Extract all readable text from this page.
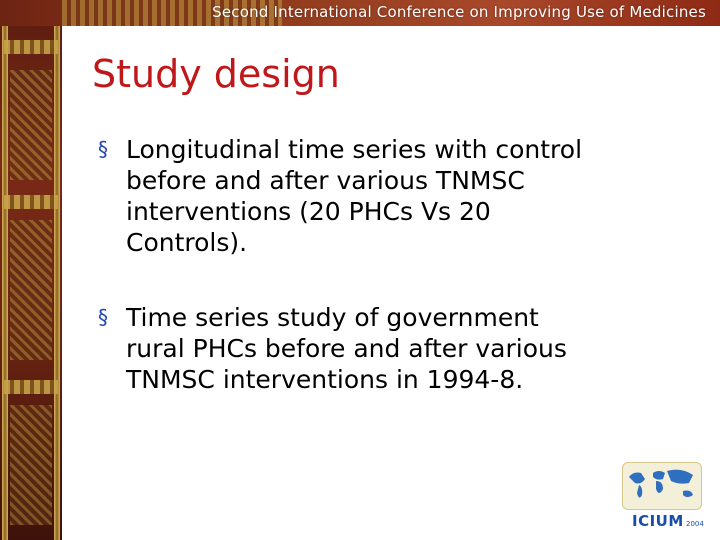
Second International Conference on Improving Use of Medicines
Study design
§ Longitudinal time series with control
before and after various TNMSC
interventions (20 PHCs Vs 20
Controls).
§ Time series study of government
rural PHCs before and after various
TNMSC interventions in 1994-8.
ICIUM 2004
